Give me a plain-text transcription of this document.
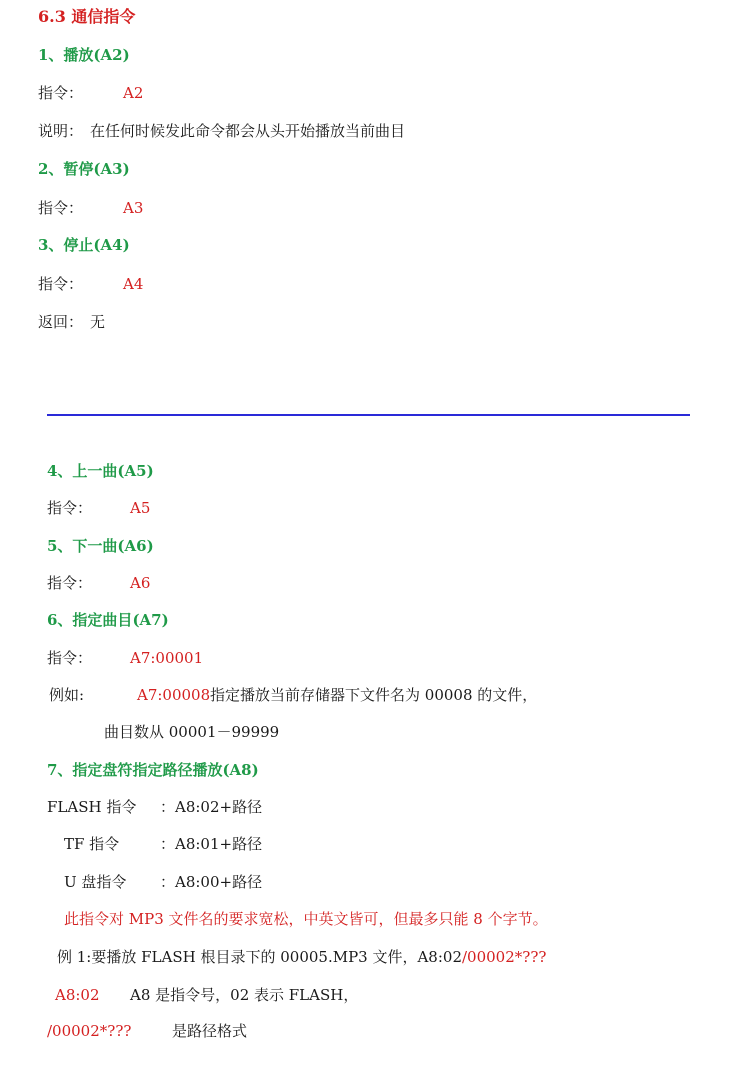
6.3 通信指令
1、播放(A2)
指令：	A2
说明： 在任何时候发此命令都会从头开始播放当前曲目
2、暂停(A3)
指令：	A3
3、停止(A4)
指令：	A4
返回： 无
4、上一曲(A5)
指令：	A5
5、下一曲(A6)
指令：	A6
6、指定曲目(A7)
指令：	A7:00001
例如:	A7:00008 指定播放当前存储器下文件名为 00008 的文件，
曲目数从 00001－99999
7、指定盘符指定路径播放(A8)
FLASH 指令 ：A8:02+路径
TF 指令	：A8:01+路径
U 盘指令 ：A8:00+路径
此指令对 MP3 文件名的要求宽松，中英文皆可，但最多只能 8 个字节。
例 1:要播放 FLASH 根目录下的 00005.MP3 文件，A8:02/00002*???
A8:02 A8 是指令号，02 表示 FLASH，
/00002*???	是路径格式
